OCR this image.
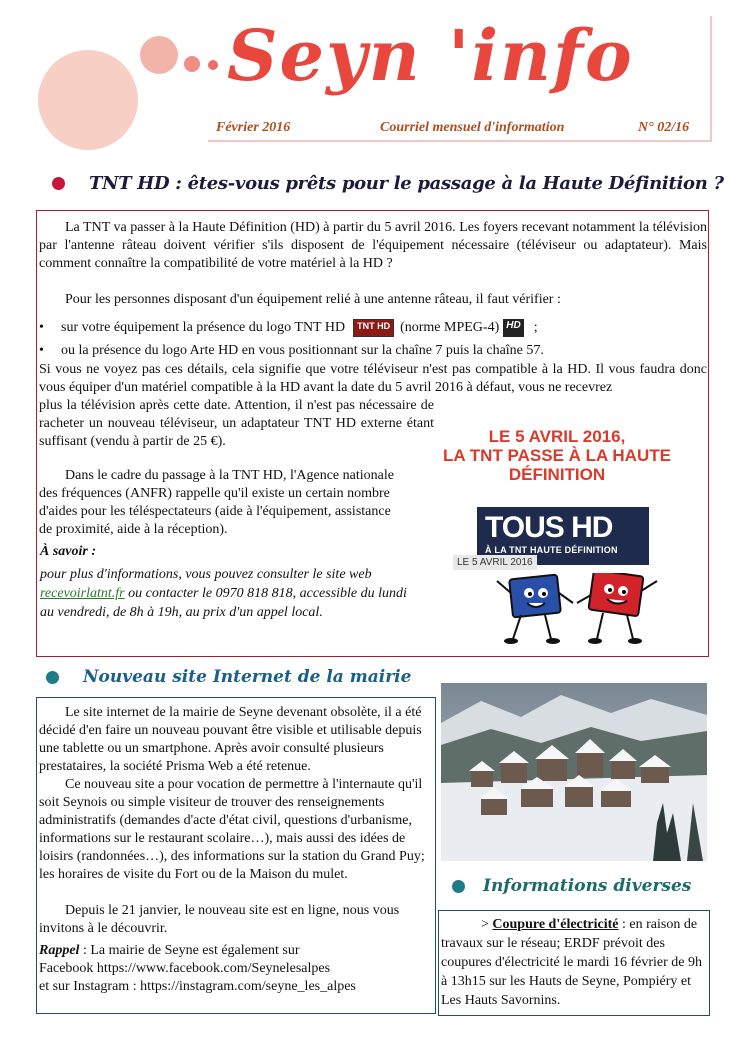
Seyn 'info
Février 2016	Courriel mensuel d'information	N° 02/16
TNT HD : êtes-vous prêts pour le passage à la Haute Définition ?

La TNT va passer à la Haute Définition (HD) à partir du 5 avril 2016. Les foyers recevant notamment la télévision par l'antenne râteau doivent vérifier s'ils disposent de l'équipement nécessaire (téléviseur ou adaptateur). Mais comment connaître la compatibilité de votre matériel à la HD ?

Pour les personnes disposant d'un équipement relié à une antenne râteau, il faut vérifier :

•	sur votre équipement la présence du logo TNT HD	TNT HD (norme MPEG-4) HD ;
•	ou la présence du logo Arte HD en vous positionnant sur la chaîne 7 puis la chaîne 57.

Si vous ne voyez pas ces détails, cela signifie que votre téléviseur n'est pas compatible à la HD. Il vous faudra donc vous équiper d'un matériel compatible à la HD avant la date du 5 avril 2016 à défaut, vous ne recevrez

plus la télévision après cette date. Attention, il n'est pas nécessaire de racheter un nouveau téléviseur, un adaptateur TNT HD externe étant suffisant (vendu à partir de 25 €).

Dans le cadre du passage à la TNT HD, l'Agence nationale des fréquences (ANFR) rappelle qu'il existe un certain nombre d'aides pour les téléspectateurs (aide à l'équipement, assistance de proximité, aide à la réception).

À savoir :

pour plus d'informations, vous pouvez consulter le site web recevoirlatnt.fr ou contacter le 0970 818 818, accessible du lundi au vendredi, de 8h à 19h, au prix d'un appel local.

LE 5 AVRIL 2016,
LA TNT PASSE À LA HAUTE
DÉFINITION
TOUS HD
À LA TNT HAUTE DÉFINITION
LE 5 AVRIL 2016
Nouveau site Internet de la mairie

Le site internet de la mairie de Seyne devenant obsolète, il a été décidé d'en faire un nouveau pouvant être visible et utilisable depuis une tablette ou un smartphone. Après avoir consulté plusieurs prestataires, la société Prisma Web a été retenue.

Ce nouveau site a pour vocation de permettre à l'internaute qu'il soit Seynois ou simple visiteur de trouver des renseignements administratifs (demandes d'acte d'état civil, questions d'urbanisme, informations sur le restaurant scolaire…), mais aussi des idées de loisirs (randonnées…), des informations sur la station du Grand Puy; les horaires de visite du Fort ou de la Maison du mulet.

Depuis le 21 janvier, le nouveau site est en ligne, nous vous invitons à le découvrir.

Rappel : La mairie de Seyne est également sur
Facebook https://www.facebook.com/Seynelesalpes
et sur Instagram : https://instagram.com/seyne_les_alpes
Informations diverses

> Coupure d'électricité : en raison de travaux sur le réseau; ERDF prévoit des coupures d'électricité le mardi 16 février de 9h à 13h15 sur les Hauts de Seyne, Pompiéry et Les Hauts Savornins.
